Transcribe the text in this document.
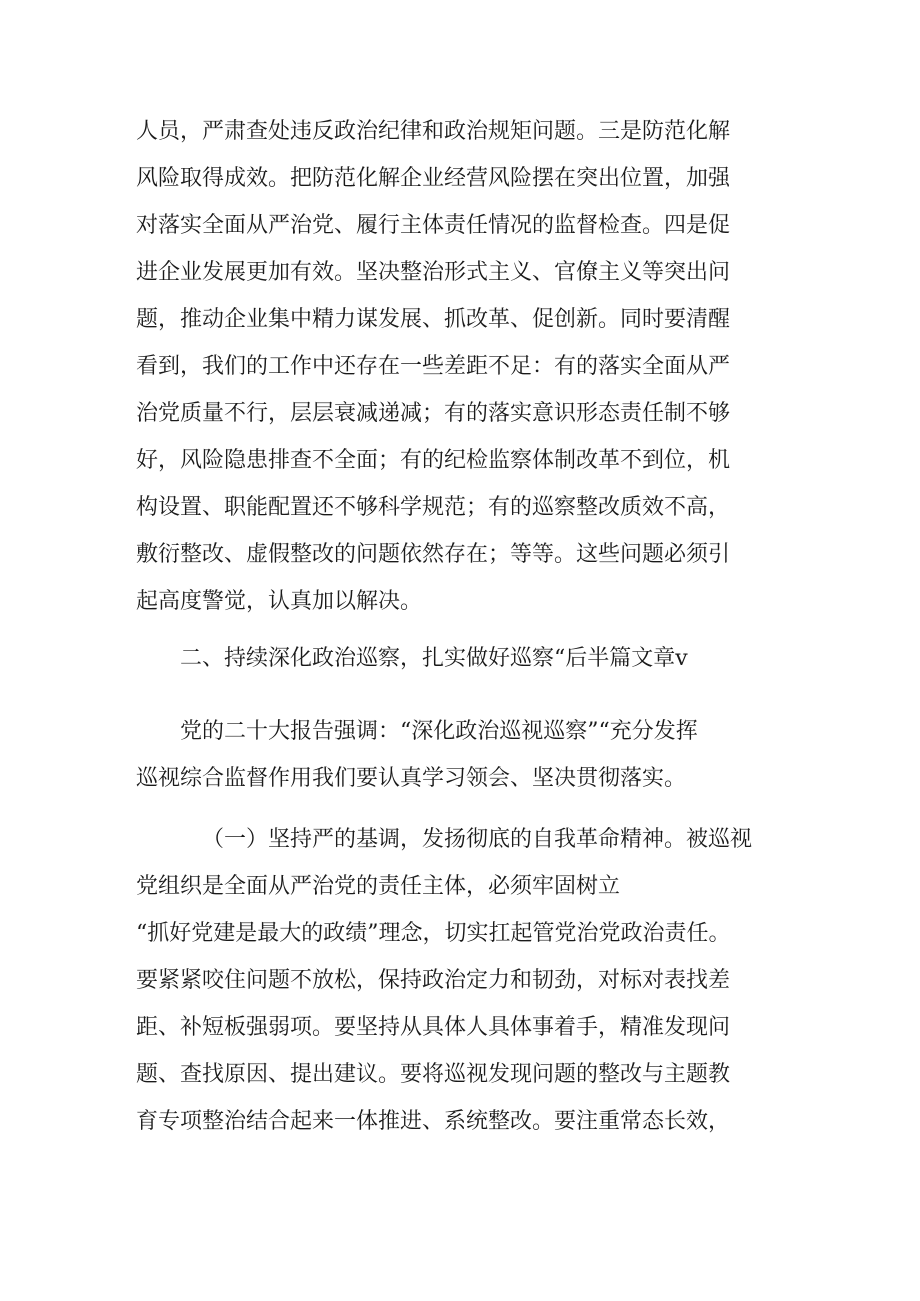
人员，严肃查处违反政治纪律和政治规矩问题。三是防范化解
风险取得成效。把防范化解企业经营风险摆在突出位置，加强
对落实全面从严治党、履行主体责任情况的监督检查。四是促
进企业发展更加有效。坚决整治形式主义、官僚主义等突出问
题，推动企业集中精力谋发展、抓改革、促创新。同时要清醒
看到，我们的工作中还存在一些差距不足：有的落实全面从严
治党质量不行，层层衰减递减；有的落实意识形态责任制不够
好，风险隐患排查不全面；有的纪检监察体制改革不到位，机
构设置、职能配置还不够科学规范；有的巡察整改质效不高，
敷衍整改、虚假整改的问题依然存在；等等。这些问题必须引
起高度警觉，认真加以解决。
二、持续深化政治巡察，扎实做好巡察“后半篇文章v
党的二十大报告强调：“深化政治巡视巡察”“充分发挥
巡视综合监督作用我们要认真学习领会、坚决贯彻落实。
（一）坚持严的基调，发扬彻底的自我革命精神。被巡视
党组织是全面从严治党的责任主体，必须牢固树立
“抓好党建是最大的政绩”理念，切实扛起管党治党政治责任。
要紧紧咬住问题不放松，保持政治定力和韧劲，对标对表找差
距、补短板强弱项。要坚持从具体人具体事着手，精准发现问
题、查找原因、提出建议。要将巡视发现问题的整改与主题教
育专项整治结合起来一体推进、系统整改。要注重常态长效，
